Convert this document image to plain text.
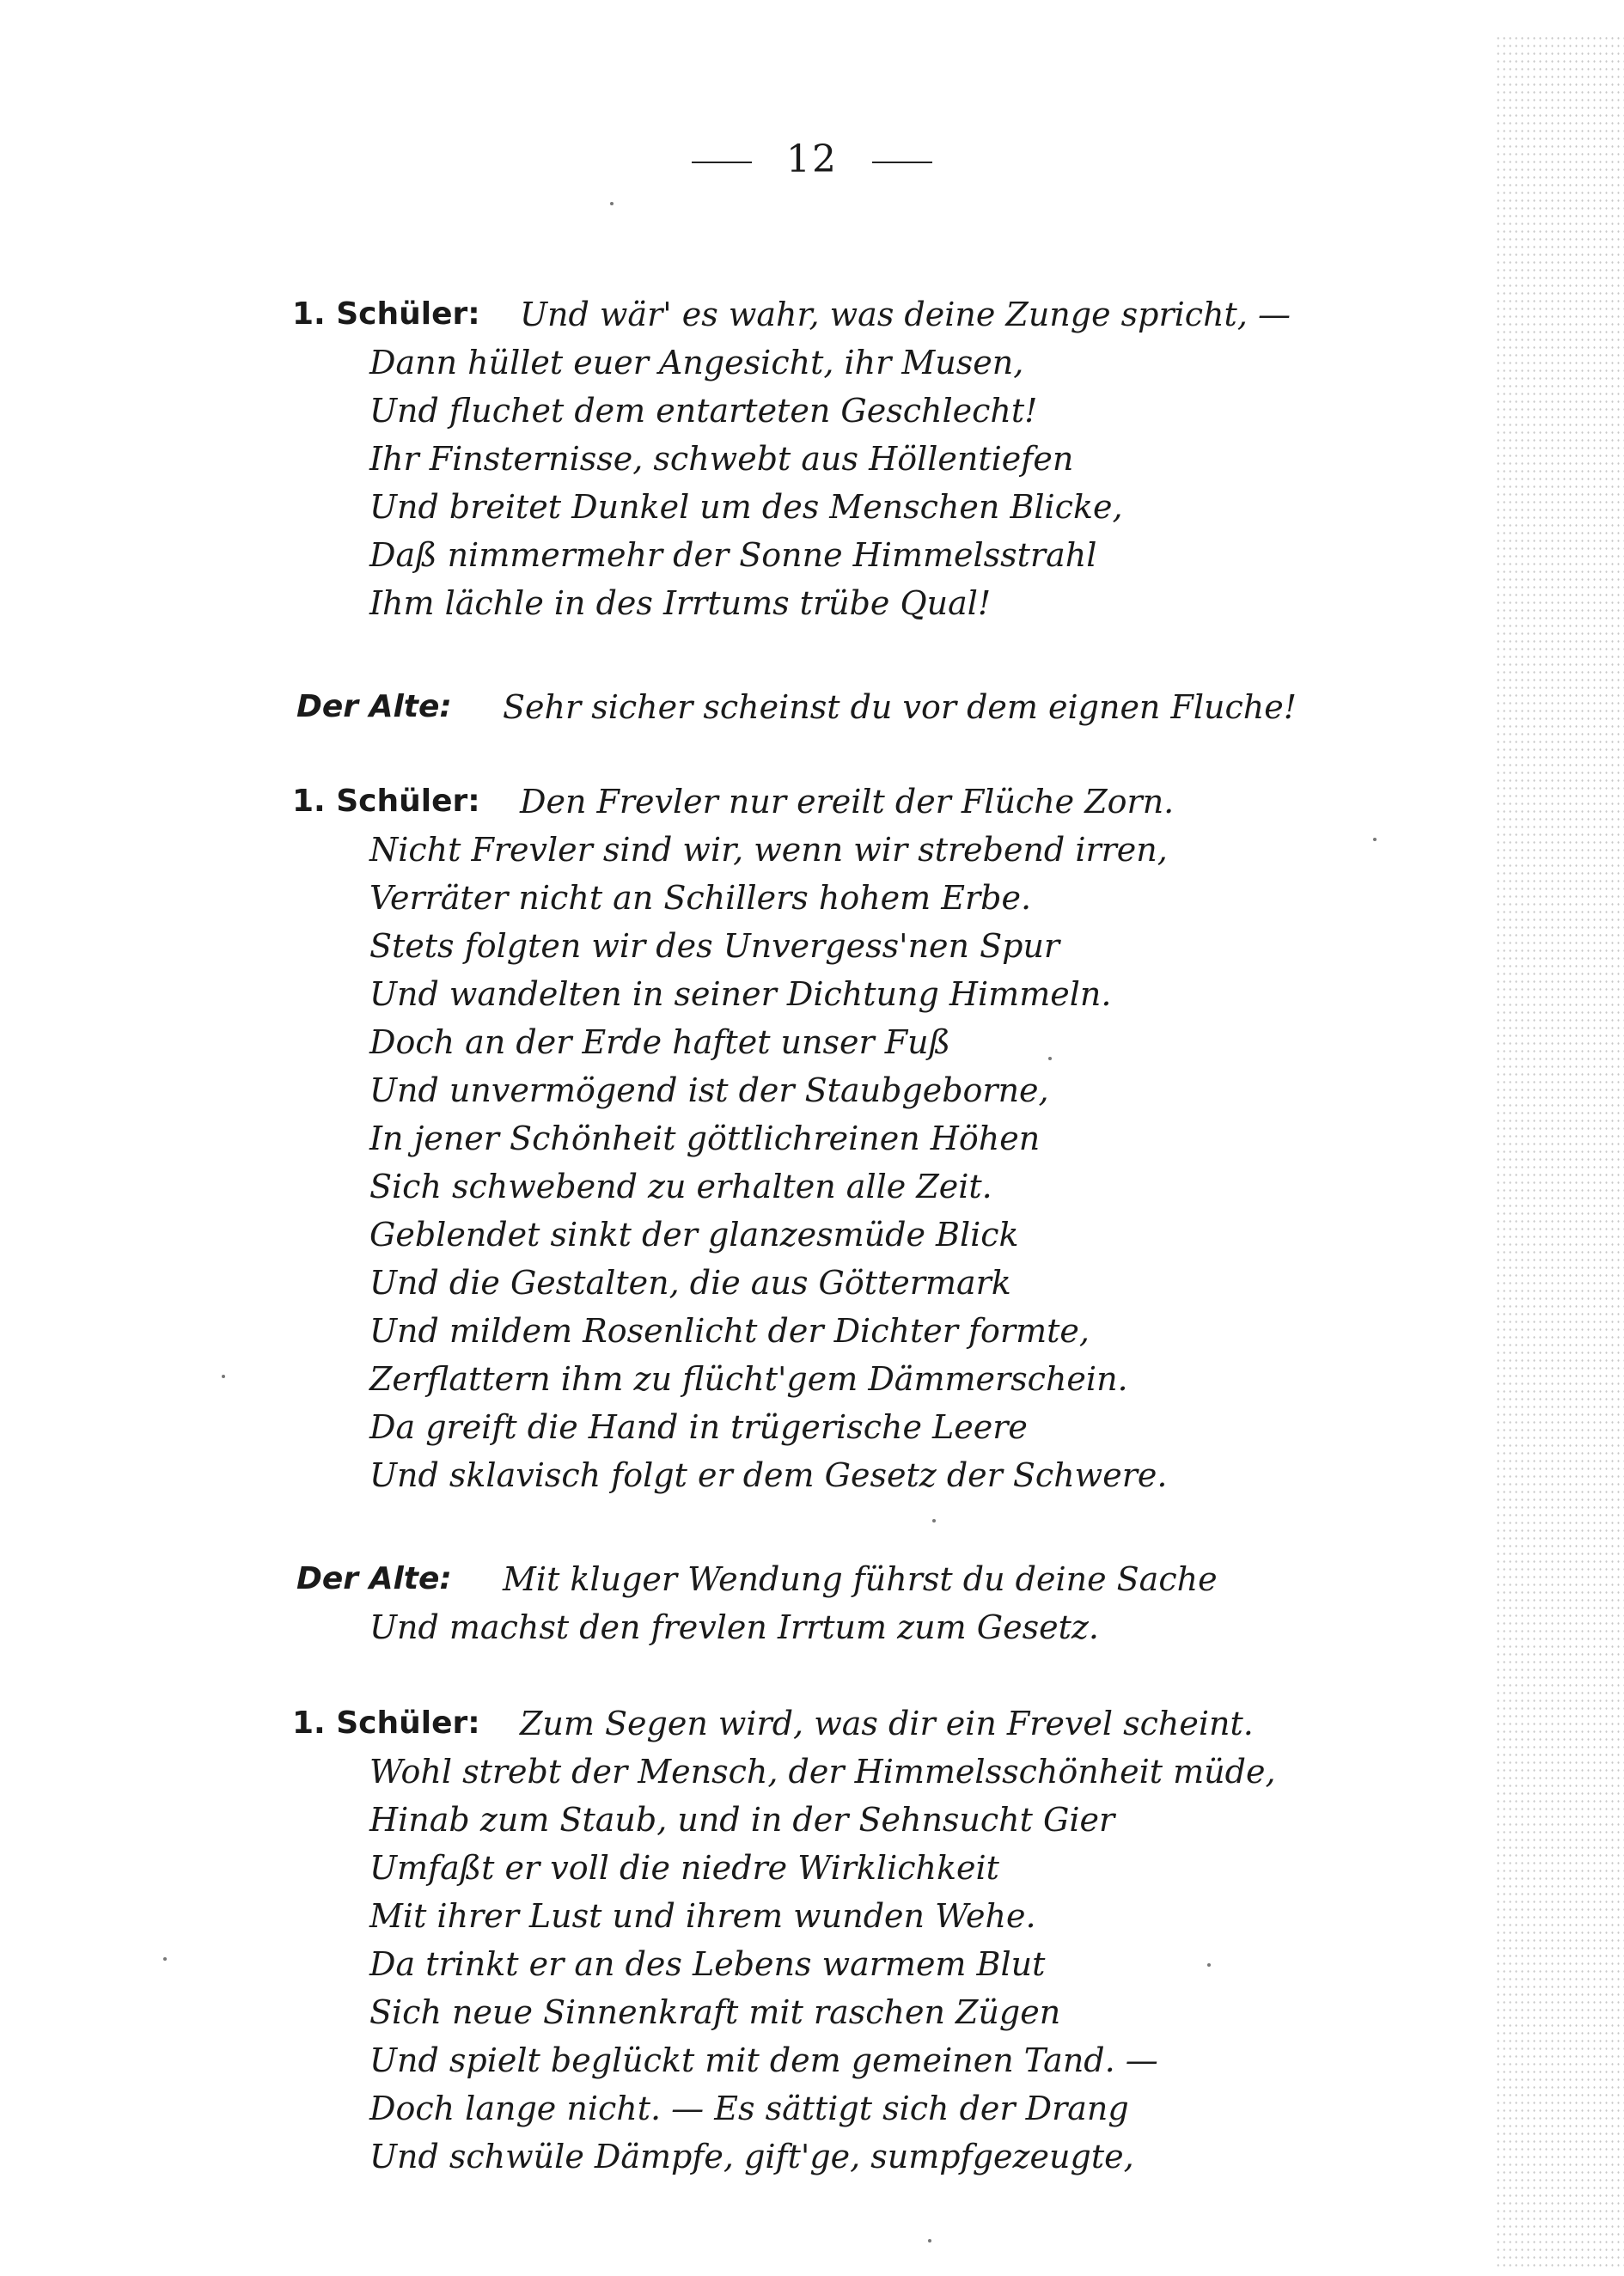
12
1. Schüler: Und wär' es wahr, was deine Zunge spricht, —
Dann hüllet euer Angesicht, ihr Musen,
Und fluchet dem entarteten Geschlecht!
Ihr Finsternisse, schwebt aus Höllentiefen
Und breitet Dunkel um des Menschen Blicke,
Daß nimmermehr der Sonne Himmelsstrahl
Ihm lächle in des Irrtums trübe Qual!
Der Alte: Sehr sicher scheinst du vor dem eignen Fluche!
1. Schüler: Den Frevler nur ereilt der Flüche Zorn.
Nicht Frevler sind wir, wenn wir strebend irren,
Verräter nicht an Schillers hohem Erbe.
Stets folgten wir des Unvergess'nen Spur
Und wandelten in seiner Dichtung Himmeln.
Doch an der Erde haftet unser Fuß
Und unvermögend ist der Staubgeborne,
In jener Schönheit göttlichreinen Höhen
Sich schwebend zu erhalten alle Zeit.
Geblendet sinkt der glanzesmüde Blick
Und die Gestalten, die aus Göttermark
Und mildem Rosenlicht der Dichter formte,
Zerflattern ihm zu flücht'gem Dämmerschein.
Da greift die Hand in trügerische Leere
Und sklavisch folgt er dem Gesetz der Schwere.
Der Alte: Mit kluger Wendung führst du deine Sache
Und machst den frevlen Irrtum zum Gesetz.
1. Schüler: Zum Segen wird, was dir ein Frevel scheint.
Wohl strebt der Mensch, der Himmelsschönheit müde,
Hinab zum Staub, und in der Sehnsucht Gier
Umfaßt er voll die niedre Wirklichkeit
Mit ihrer Lust und ihrem wunden Wehe.
Da trinkt er an des Lebens warmem Blut
Sich neue Sinnenkraft mit raschen Zügen
Und spielt beglückt mit dem gemeinen Tand. —
Doch lange nicht. — Es sättigt sich der Drang
Und schwüle Dämpfe, gift'ge, sumpfgezeugte,
